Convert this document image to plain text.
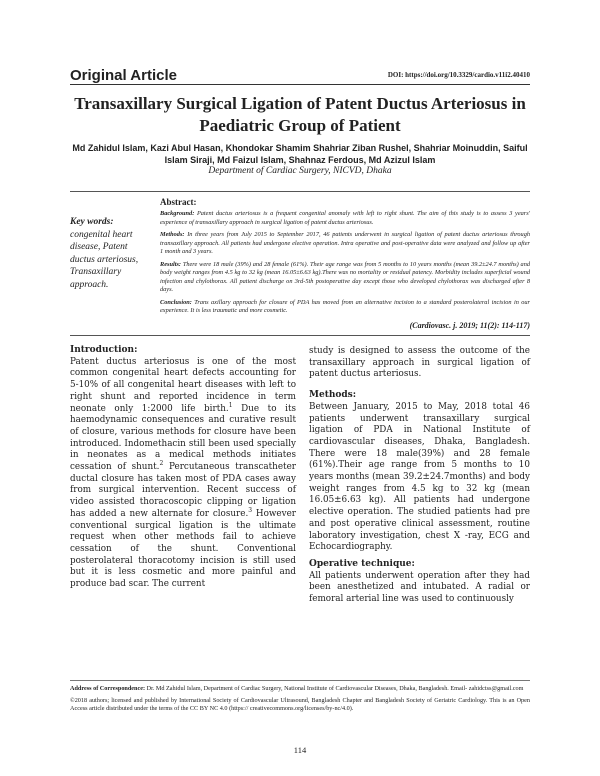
Original Article	DOI: https://doi.org/10.3329/cardio.v11i2.40410
Transaxillary Surgical Ligation of Patent Ductus Arteriosus in Paediatric Group of Patient
Md Zahidul Islam, Kazi Abul Hasan, Khondokar Shamim Shahriar Ziban Rushel, Shahriar Moinuddin, Saiful Islam Siraji, Md Faizul Islam, Shahnaz Ferdous, Md Azizul Islam
Department of Cardiac Surgery, NICVD, Dhaka
Key words: congenital heart disease, Patent ductus arteriosus, Transaxillary approach.
Abstract:

Background: Patent ductus arteriosus is a frequent congenital anomaly with left to right shunt. The aim of this study is to assess 3 years' experience of transaxillary approach in surgical ligation of patent ductus arteriosus.

Methods: In three years from July 2015 to September 2017, 46 patients underwent in surgical ligation of patent ductus arteriosus through transaxillary approach. All patients had undergone elective operation. Intra operative and post-operative data were analyzed and follow up after 1 month and 3 years.

Results: There were 18 male (39%) and 28 female (61%). Their age range was from 5 months to 10 years months (mean 39.2±24.7 months) and body weight ranges from 4.5 kg to 32 kg (mean 16.05±6.63 kg).There was no mortality or residual patency. Morbidity includes superficial wound infection and chylothorax. All patient discharge on 3rd-5th postoperative day except those who developed chylothorax was discharged after 8 days.

Conclusion: Trans axillary approach for closure of PDA has moved from an alternative incision to a standard posterolateral incision in our experience. It is less traumatic and more cosmetic.

(Cardiovasc. j. 2019; 11(2): 114-117)
Introduction:

Patent ductus arteriosus is one of the most common congenital heart defects accounting for 5-10% of all congenital heart diseases with left to right shunt and reported incidence in term neonate only 1:2000 life birth.$^1$ Due to its haemodynamic consequences and curative result of closure, various methods for closure have been introduced. Indomethacin still been used specially in neonates as a medical methods initiates cessation of shunt.$^2$ Percutaneous transcatheter ductal closure has taken most of PDA cases away from surgical intervention. Recent success of video assisted thoracoscopic clipping or ligation has added a new alternate for closure.$^3$ However conventional surgical ligation is the ultimate request when other methods fail to achieve cessation of the shunt. Conventional posterolateral thoracotomy incision is still used but it is less cosmetic and more painful and produce bad scar. The current

study is designed to assess the outcome of the transaxillary approach in surgical ligation of patent ductus arteriosus.

Methods:

Between January, 2015 to May, 2018 total 46 patients underwent transaxillary surgical ligation of PDA in National Institute of cardiovascular diseases, Dhaka, Bangladesh. There were 18 male(39%) and 28 female (61%).Their age range from 5 months to 10 years months (mean 39.2±24.7months) and body weight ranges from 4.5 kg to 32 kg (mean 16.05±6.63 kg). All patients had undergone elective operation. The studied patients had pre and post operative clinical assessment, routine laboratory investigation, chest X -ray, ECG and Echocardiography.

Operative technique:

All patients underwent operation after they had been anesthetized and intubated. A radial or femoral arterial line was used to continuously

Address of Correspondence: Dr. Md Zahidul Islam, Department of Cardiac Surgery, National Institute of Cardiovascular Diseases, Dhaka, Bangladesh. Email- zahidctss@gmail.com

©2018 authors; licensed and published by International Society of Cardiovascular Ultrasound, Bangladesh Chapter and Bangladesh Society of Geriatric Cardiology. This is an Open Access article distributed under the terms of the CC BY NC 4.0 (https:// creativecommons.org/licenses/by-nc/4.0).

114
